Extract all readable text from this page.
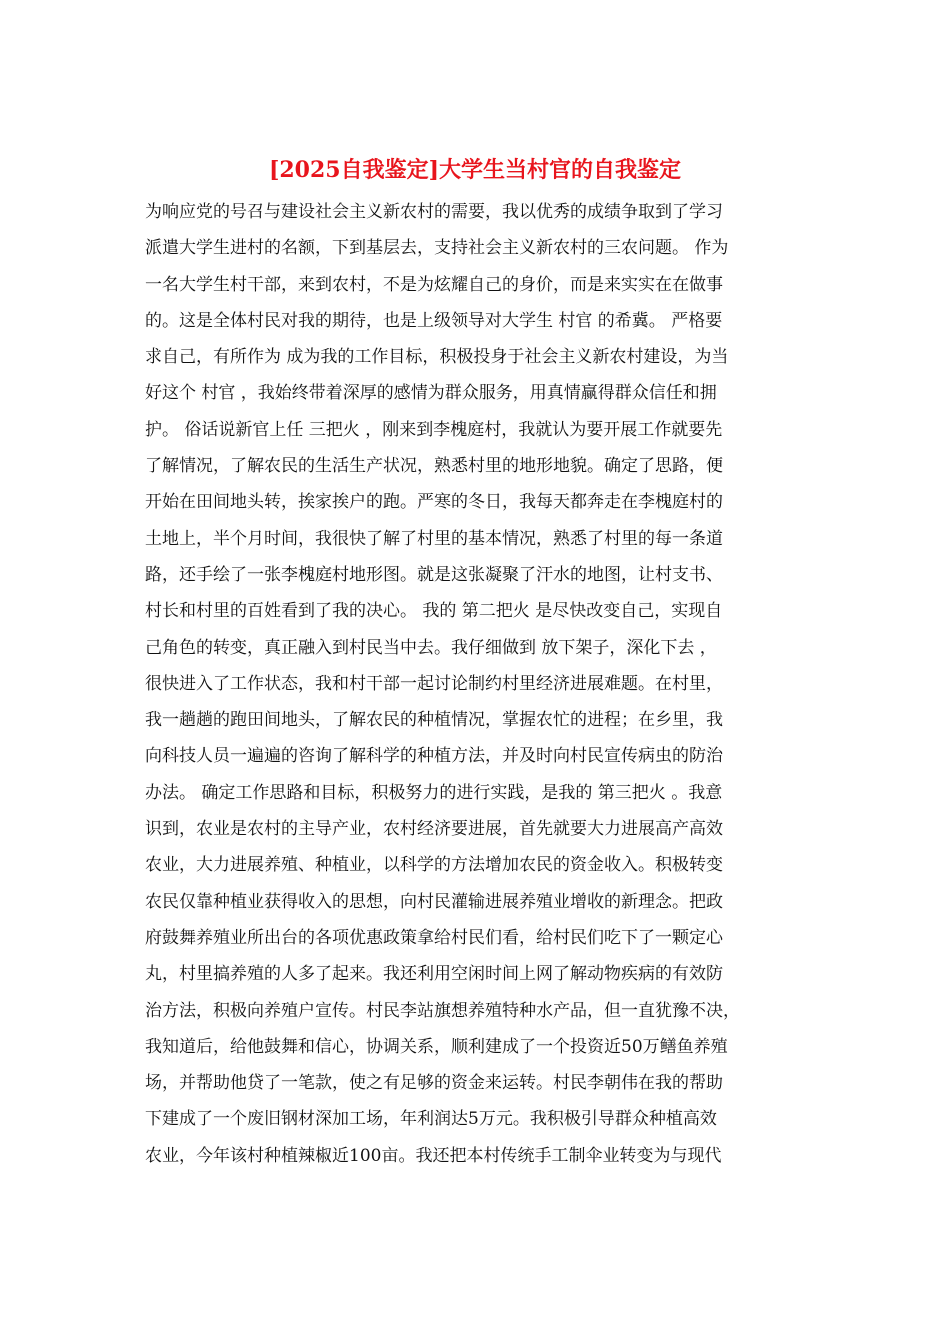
[2025自我鉴定]大学生当村官的自我鉴定
为响应党的号召与建设社会主义新农村的需要，我以优秀的成绩争取到了学习
派遣大学生进村的名额，下到基层去，支持社会主义新农村的三农问题。 作为
一名大学生村干部，来到农村，不是为炫耀自己的身价，而是来实实在在做事
的。这是全体村民对我的期待，也是上级领导对大学生 村官 的希冀。 严格要
求自己，有所作为 成为我的工作目标，积极投身于社会主义新农村建设，为当
好这个 村官 ，我始终带着深厚的感情为群众服务，用真情赢得群众信任和拥
护。 俗话说新官上任 三把火 ，刚来到李槐庭村，我就认为要开展工作就要先
了解情况，了解农民的生活生产状况，熟悉村里的地形地貌。确定了思路，便
开始在田间地头转，挨家挨户的跑。严寒的冬日，我每天都奔走在李槐庭村的
土地上，半个月时间，我很快了解了村里的基本情况，熟悉了村里的每一条道
路，还手绘了一张李槐庭村地形图。就是这张凝聚了汗水的地图，让村支书、
村长和村里的百姓看到了我的决心。 我的 第二把火 是尽快改变自己，实现自
己角色的转变，真正融入到村民当中去。我仔细做到 放下架子，深化下去 ，
很快进入了工作状态，我和村干部一起讨论制约村里经济进展难题。在村里，
我一趟趟的跑田间地头，了解农民的种植情况，掌握农忙的进程；在乡里，我
向科技人员一遍遍的咨询了解科学的种植方法，并及时向村民宣传病虫的防治
办法。 确定工作思路和目标，积极努力的进行实践，是我的 第三把火 。我意
识到，农业是农村的主导产业，农村经济要进展，首先就要大力进展高产高效
农业，大力进展养殖、种植业，以科学的方法增加农民的资金收入。积极转变
农民仅靠种植业获得收入的思想，向村民灌输进展养殖业增收的新理念。把政
府鼓舞养殖业所出台的各项优惠政策拿给村民们看，给村民们吃下了一颗定心
丸，村里搞养殖的人多了起来。我还利用空闲时间上网了解动物疾病的有效防
治方法，积极向养殖户宣传。村民李站旗想养殖特种水产品，但一直犹豫不决，
我知道后，给他鼓舞和信心，协调关系，顺利建成了一个投资近50万鳝鱼养殖
场，并帮助他贷了一笔款，使之有足够的资金来运转。村民李朝伟在我的帮助
下建成了一个废旧钢材深加工场，年利润达5万元。我积极引导群众种植高效
农业，今年该村种植辣椒近100亩。我还把本村传统手工制伞业转变为与现代
